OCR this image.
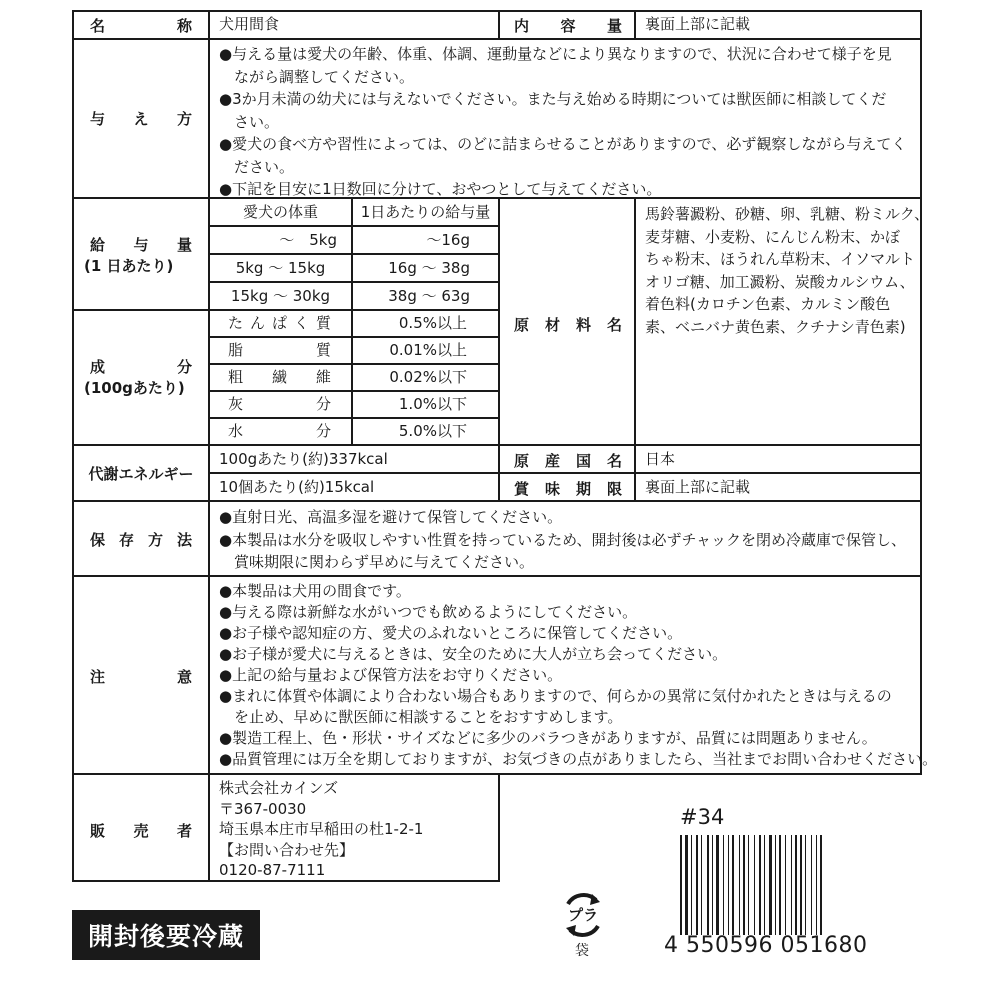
名	称 犬用間食	内 容 量 裏面上部に記載
与 え 方
●与える量は愛犬の年齢、体重、体調、運動量などにより異なりますので、状況に合わせて様子を見
　ながら調整してください。
●3か月未満の幼犬には与えないでください。また与え始める時期については獣医師に相談してくだ
　さい。
●愛犬の食べ方や習性によっては、のどに詰まらせることがありますので、必ず観察しながら与えてく
　ださい。
●下記を目安に1日数回に分けて、おやつとして与えてください。
給 与 量
(1 日あたり)
愛犬の体重	1日あたりの給与量
〜　5kg	〜16g
5kg 〜 15kg	16g 〜 38g
15kg 〜 30kg	38g 〜 63g
成	分
(100gあたり)
た ん ぱ く 質	0.5%以上
脂	質	0.01%以上
粗 繊 維	0.02%以下
灰	分	1.0%以下
水	分	5.0%以下
原 材 料 名
馬鈴薯澱粉、砂糖、卵、乳糖、粉ミルク、
麦芽糖、小麦粉、にんじん粉末、かぼ
ちゃ粉末、ほうれん草粉末、イソマルト
オリゴ糖、加工澱粉、炭酸カルシウム、
着色料(カロチン色素、カルミン酸色
素、ベニバナ黄色素、クチナシ青色素)
代謝エネルギー
100gあたり(約)337kcal
10個あたり(約)15kcal
原 産 国 名 日本
賞 味 期 限 裏面上部に記載
保 存 方 法
●直射日光、高温多湿を避けて保管してください。
●本製品は水分を吸収しやすい性質を持っているため、開封後は必ずチャックを閉め冷蔵庫で保管し、
　賞味期限に関わらず早めに与えてください。
注	意
●本製品は犬用の間食です。
●与える際は新鮮な水がいつでも飲めるようにしてください。
●お子様や認知症の方、愛犬のふれないところに保管してください。
●お子様が愛犬に与えるときは、安全のために大人が立ち会ってください。
●上記の給与量および保管方法をお守りください。
●まれに体質や体調により合わない場合もありますので、何らかの異常に気付かれたときは与えるの
　を止め、早めに獣医師に相談することをおすすめします。
●製造工程上、色・形状・サイズなどに多少のバラつきがありますが、品質には問題ありません。
●品質管理には万全を期しておりますが、お気づきの点がありましたら、当社までお問い合わせください。
販 売 者
株式会社カインズ
〒367-0030
埼玉県本庄市早稲田の杜1-2-1
【お問い合わせ先】
0120-87-7111
開封後要冷蔵
プラ
袋
#34
4 550596 051680
